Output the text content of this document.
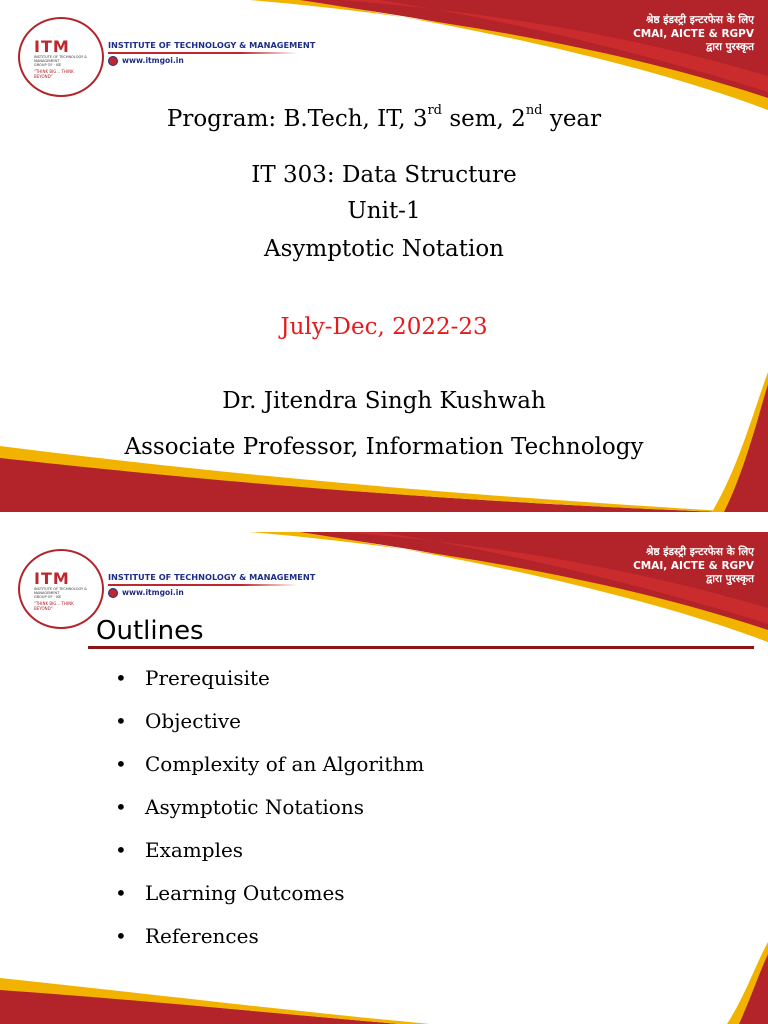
ITM
INSTITUTE OF TECHNOLOGY & MANAGEMENT
GROUP OF · ISE
"THINK BIG... THINK BEYOND"
INSTITUTE OF TECHNOLOGY & MANAGEMENT
www.itmgoi.in
श्रेष्ठ इंडस्ट्री इन्टरफेस के लिए
CMAI, AICTE & RGPV
द्वारा पुरस्कृत
Program: B.Tech, IT, 3rd sem, 2nd year
IT 303: Data Structure
Unit-1
Asymptotic Notation
July-Dec, 2022-23
Dr. Jitendra Singh Kushwah
Associate Professor, Information Technology
ITM
INSTITUTE OF TECHNOLOGY & MANAGEMENT
GROUP OF · ISE
"THINK BIG... THINK BEYOND"
INSTITUTE OF TECHNOLOGY & MANAGEMENT
www.itmgoi.in
श्रेष्ठ इंडस्ट्री इन्टरफेस के लिए
CMAI, AICTE & RGPV
द्वारा पुरस्कृत
Outlines
• Prerequisite
• Objective
• Complexity of an Algorithm
• Asymptotic Notations
• Examples
• Learning Outcomes
• References
